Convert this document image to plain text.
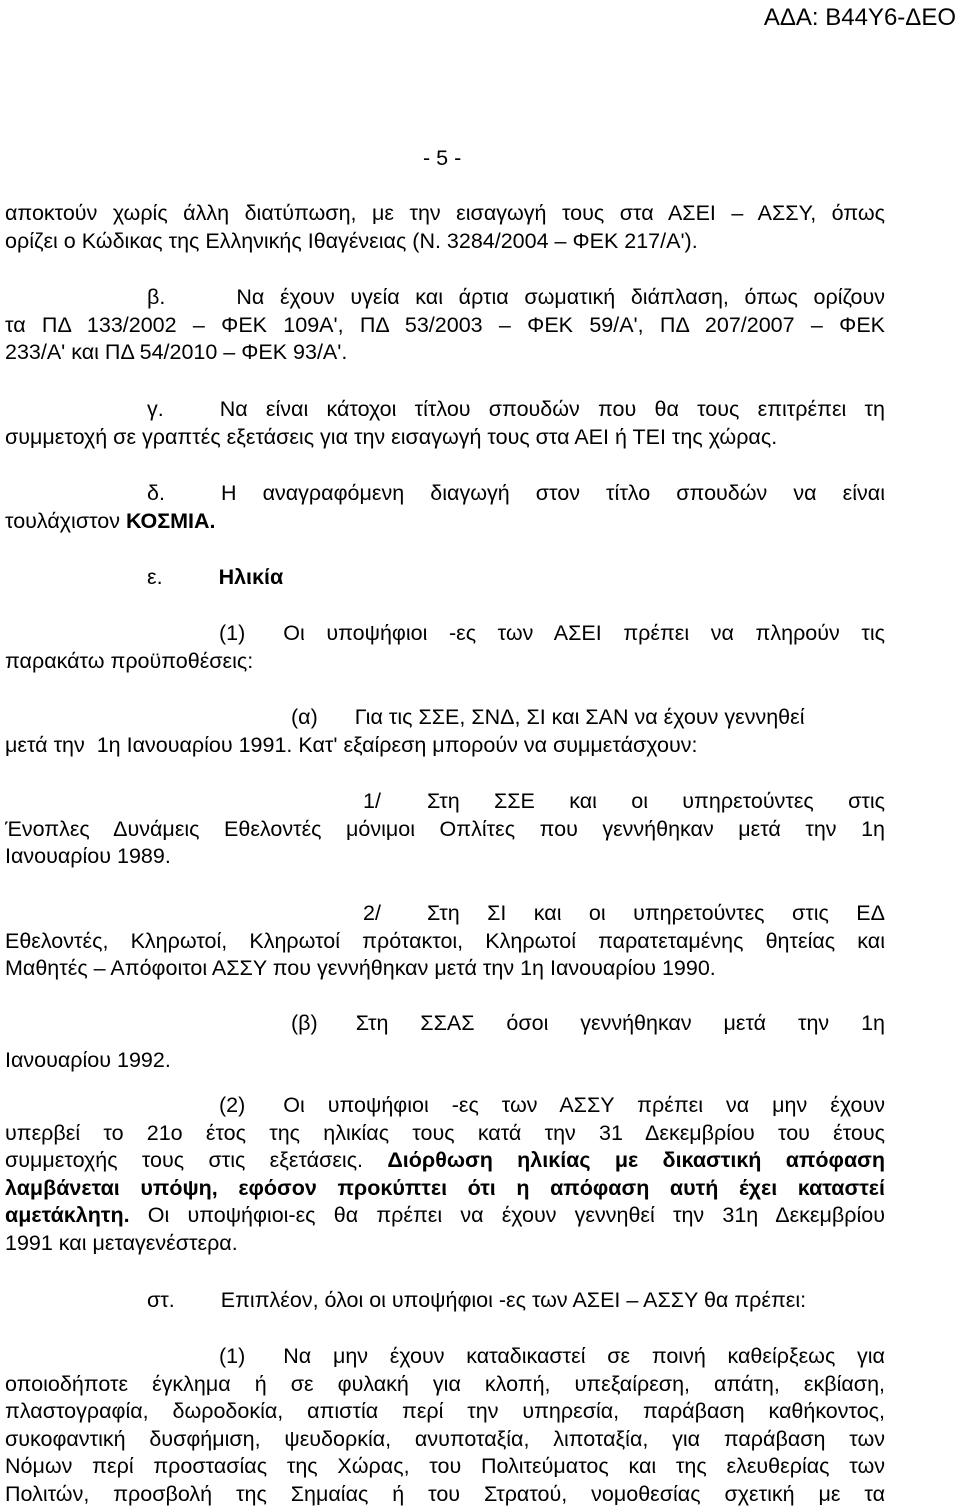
ΑΔΑ: Β44Υ6-ΔΕΟ
- 5 -
αποκτούν χωρίς άλλη διατύπωση, με την εισαγωγή τους στα ΑΣΕΙ – ΑΣΣΥ, όπως
ορίζει ο Κώδικας της Ελληνικής Ιθαγένειας (Ν. 3284/2004 – ΦΕΚ 217/Α').
β.	Να έχουν υγεία και άρτια σωματική διάπλαση, όπως ορίζουν
τα ΠΔ 133/2002 – ΦΕΚ 109Α', ΠΔ 53/2003 – ΦΕΚ 59/Α', ΠΔ 207/2007 – ΦΕΚ
233/Α' και ΠΔ 54/2010 – ΦΕΚ 93/Α'.
γ.	Να είναι κάτοχοι τίτλου σπουδών που θα τους επιτρέπει τη
συμμετοχή σε γραπτές εξετάσεις για την εισαγωγή τους στα ΑΕΙ ή ΤΕΙ της χώρας.
δ.	Η αναγραφόμενη διαγωγή στον τίτλο σπουδών να είναι
τουλάχιστον ΚΟΣΜΙΑ.
ε.	Ηλικία
(1) Οι υποψήφιοι -ες των ΑΣΕΙ πρέπει να πληρούν τις
παρακάτω προϋποθέσεις:
(α) Για τις ΣΣΕ, ΣΝΔ, ΣΙ και ΣΑΝ να έχουν γεννηθεί
μετά την  1η Ιανουαρίου 1991. Κατ' εξαίρεση μπορούν να συμμετάσχουν:
1/ Στη ΣΣΕ και οι υπηρετούντες στις
Ένοπλες Δυνάμεις Εθελοντές μόνιμοι Οπλίτες που γεννήθηκαν μετά την 1η
Ιανουαρίου 1989.
2/ Στη ΣΙ και οι υπηρετούντες στις ΕΔ
Εθελοντές, Κληρωτοί, Κληρωτοί πρότακτοι, Κληρωτοί παρατεταμένης θητείας και
Μαθητές – Απόφοιτοι ΑΣΣΥ που γεννήθηκαν μετά την 1η Ιανουαρίου 1990.
(β) Στη ΣΣΑΣ όσοι γεννήθηκαν μετά την 1η
Ιανουαρίου 1992.
(2) Οι υποψήφιοι -ες των ΑΣΣΥ πρέπει να μην έχουν
υπερβεί το 21ο έτος της ηλικίας τους κατά την 31 Δεκεμβρίου του έτους
συμμετοχής τους στις εξετάσεις. Διόρθωση ηλικίας με δικαστική απόφαση
λαμβάνεται υπόψη, εφόσον προκύπτει ότι η απόφαση αυτή έχει καταστεί
αμετάκλητη. Οι υποψήφιοι-ες θα πρέπει να έχουν γεννηθεί την 31η Δεκεμβρίου
1991 και μεταγενέστερα.
στ. Επιπλέον, όλοι οι υποψήφιοι -ες των ΑΣΕΙ – ΑΣΣΥ θα πρέπει:
(1) Να μην έχουν καταδικαστεί σε ποινή καθείρξεως για
οποιοδήποτε έγκλημα ή σε φυλακή για κλοπή, υπεξαίρεση, απάτη, εκβίαση,
πλαστογραφία, δωροδοκία, απιστία περί την υπηρεσία, παράβαση καθήκοντος,
συκοφαντική δυσφήμιση, ψευδορκία, ανυποταξία, λιποταξία, για παράβαση των
Νόμων περί προστασίας της Χώρας, του Πολιτεύματος και της ελευθερίας των
Πολιτών, προσβολή της Σημαίας ή του Στρατού, νομοθεσίας σχετική με τα
